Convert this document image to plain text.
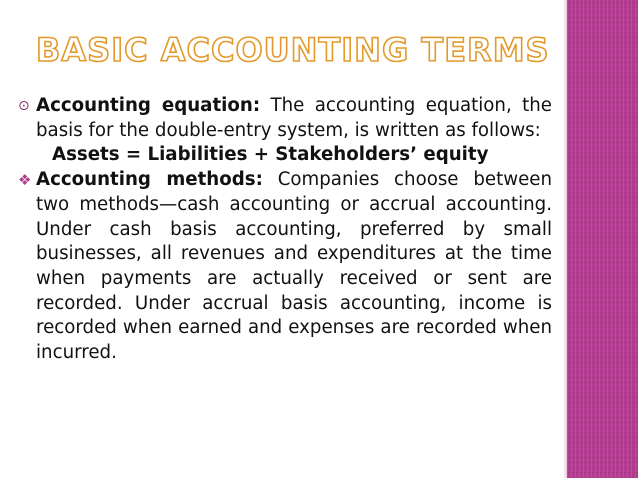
BASIC ACCOUNTING TERMS
⊙ Accounting equation: The accounting equation, the basis for the double-entry system, is written as follows:
Assets = Liabilities + Stakeholders’ equity
❖ Accounting methods: Companies choose between two methods—cash accounting or accrual accounting. Under cash basis accounting, preferred by small businesses, all revenues and expenditures at the time when payments are actually received or sent are recorded. Under accrual basis accounting, income is recorded when earned and expenses are recorded when incurred.
